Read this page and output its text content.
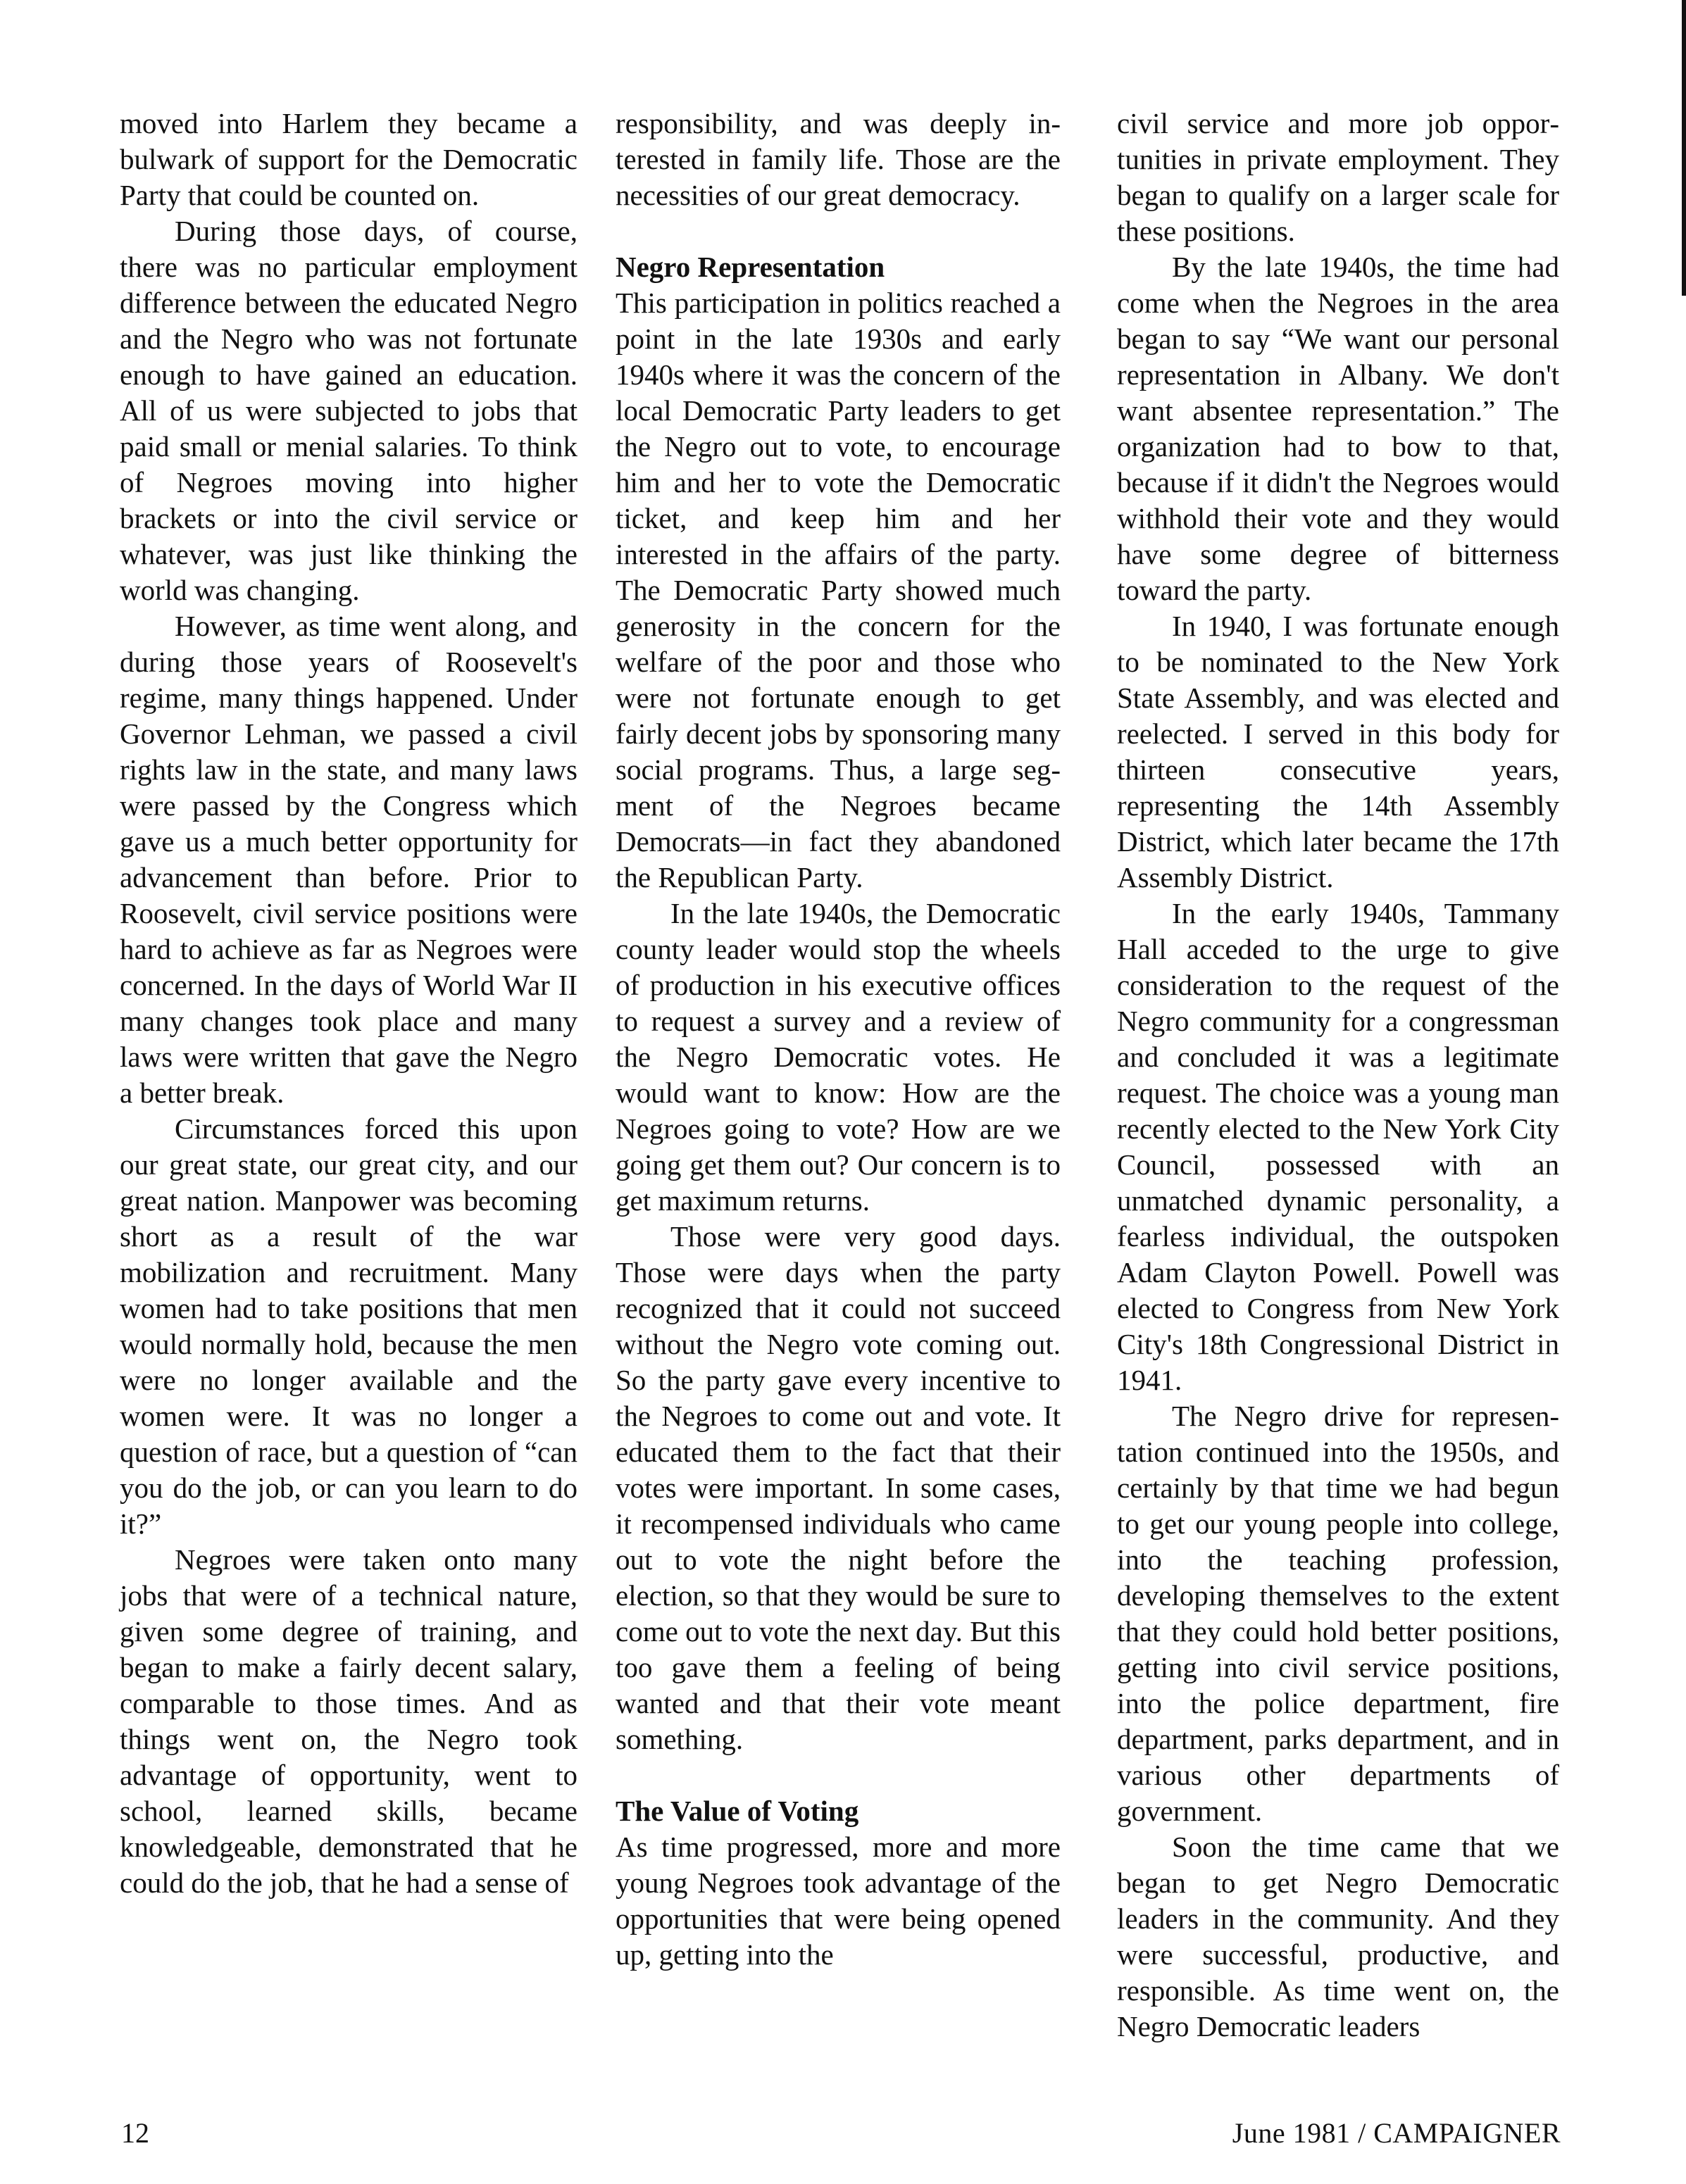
moved into Harlem they became a bulwark of support for the Democratic Party that could be counted on.

During those days, of course, there was no particular employment difference between the educated Negro and the Negro who was not fortunate enough to have gained an education. All of us were subjected to jobs that paid small or menial salaries. To think of Negroes moving into higher brackets or into the civil service or whatever, was just like thinking the world was changing.

However, as time went along, and during those years of Roosevelt's regime, many things happened. Under Governor Lehman, we passed a civil rights law in the state, and many laws were passed by the Congress which gave us a much better opportunity for advancement than before. Prior to Roosevelt, civil service positions were hard to achieve as far as Negroes were concerned. In the days of World War II many changes took place and many laws were written that gave the Negro a better break.

Circumstances forced this upon our great state, our great city, and our great nation. Manpower was becoming short as a result of the war mobilization and recruitment. Many women had to take positions that men would normally hold, because the men were no longer available and the women were. It was no longer a question of race, but a question of “can you do the job, or can you learn to do it?”

Negroes were taken onto many jobs that were of a technical nature, given some degree of training, and began to make a fairly decent salary, comparable to those times. And as things went on, the Negro took advantage of opportunity, went to school, learned skills, became knowledgeable, demonstrated that he could do the job, that he had a sense of

responsibility, and was deeply interested in family life. Those are the necessities of our great democracy.

Negro Representation

This participation in politics reached a point in the late 1930s and early 1940s where it was the concern of the local Democratic Party leaders to get the Negro out to vote, to encourage him and her to vote the Democratic ticket, and keep him and her interested in the affairs of the party. The Democratic Party showed much generosity in the concern for the welfare of the poor and those who were not fortunate enough to get fairly decent jobs by sponsoring many social programs. Thus, a large segment of the Negroes became Democrats—in fact they abandoned the Republican Party.

In the late 1940s, the Democratic county leader would stop the wheels of production in his executive offices to request a survey and a review of the Negro Democratic votes. He would want to know: How are the Negroes going to vote? How are we going get them out? Our concern is to get maximum returns.

Those were very good days. Those were days when the party recognized that it could not succeed without the Negro vote coming out. So the party gave every incentive to the Negroes to come out and vote. It educated them to the fact that their votes were important. In some cases, it recompensed individuals who came out to vote the night before the election, so that they would be sure to come out to vote the next day. But this too gave them a feeling of being wanted and that their vote meant something.

The Value of Voting

As time progressed, more and more young Negroes took advantage of the opportunities that were being opened up, getting into the

civil service and more job opportunities in private employment. They began to qualify on a larger scale for these positions.

By the late 1940s, the time had come when the Negroes in the area began to say “We want our personal representation in Albany. We don't want absentee representation.” The organization had to bow to that, because if it didn't the Negroes would withhold their vote and they would have some degree of bitterness toward the party.

In 1940, I was fortunate enough to be nominated to the New York State Assembly, and was elected and reelected. I served in this body for thirteen consecutive years, representing the 14th Assembly District, which later became the 17th Assembly District.

In the early 1940s, Tammany Hall acceded to the urge to give consideration to the request of the Negro community for a congressman and concluded it was a legitimate request. The choice was a young man recently elected to the New York City Council, possessed with an unmatched dynamic personality, a fearless individual, the outspoken Adam Clayton Powell. Powell was elected to Congress from New York City's 18th Congressional District in 1941.

The Negro drive for representation continued into the 1950s, and certainly by that time we had begun to get our young people into college, into the teaching profession, developing themselves to the extent that they could hold better positions, getting into civil service positions, into the police department, fire department, parks department, and in various other departments of government.

Soon the time came that we began to get Negro Democratic leaders in the community. And they were successful, productive, and responsible. As time went on, the Negro Democratic leaders

12	June 1981 / CAMPAIGNER
